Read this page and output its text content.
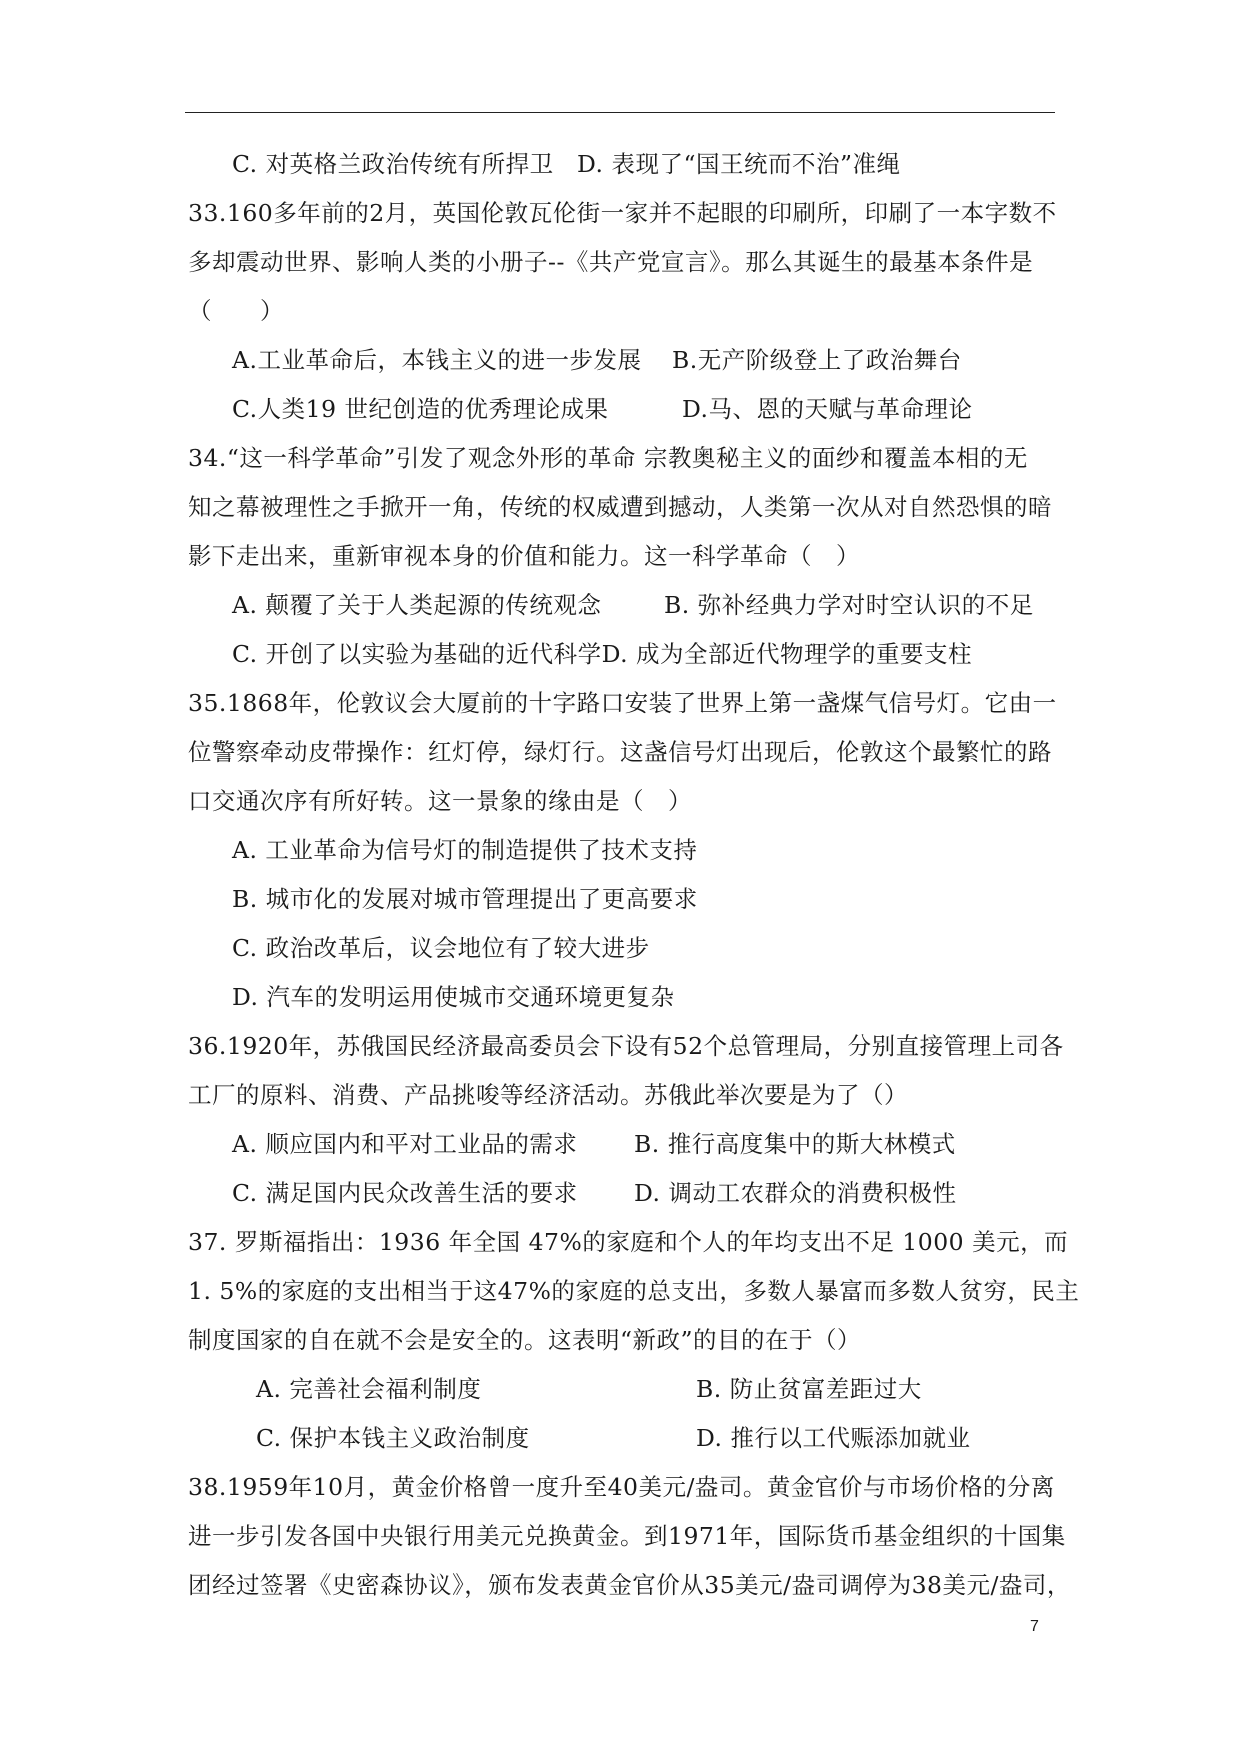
C. 对英格兰政治传统有所捍卫 D. 表现了“国王统而不治”准绳
33.160多年前的2月，英国伦敦瓦伦街一家并不起眼的印刷所，印刷了一本字数不
多却震动世界、影响人类的小册子--《共产党宣言》。那么其诞生的最基本条件是
（　　）
A.工业革命后，本钱主义的进一步发展 B.无产阶级登上了政治舞台
C.人类19 世纪创造的优秀理论成果	D.马、恩的天赋与革命理论
34.“这一科学革命”引发了观念外形的革命 宗教奥秘主义的面纱和覆盖本相的无
知之幕被理性之手掀开一角，传统的权威遭到撼动，人类第一次从对自然恐惧的暗
影下走出来，重新审视本身的价值和能力。这一科学革命（　）
A. 颠覆了关于人类起源的传统观念	B. 弥补经典力学对时空认识的不足
C. 开创了以实验为基础的近代科学D. 成为全部近代物理学的重要支柱
35.1868年，伦敦议会大厦前的十字路口安装了世界上第一盏煤气信号灯。它由一
位警察牵动皮带操作：红灯停，绿灯行。这盏信号灯出现后，伦敦这个最繁忙的路
口交通次序有所好转。这一景象的缘由是（　）
A. 工业革命为信号灯的制造提供了技术支持
B. 城市化的发展对城市管理提出了更高要求
C. 政治改革后，议会地位有了较大进步
D. 汽车的发明运用使城市交通环境更复杂
36.1920年，苏俄国民经济最高委员会下设有52个总管理局，分别直接管理上司各
工厂的原料、消费、产品挑唆等经济活动。苏俄此举次要是为了（）
A. 顺应国内和平对工业品的需求 B. 推行高度集中的斯大林模式
C. 满足国内民众改善生活的要求 D. 调动工农群众的消费积极性
37. 罗斯福指出：1936 年全国 47%的家庭和个人的年均支出不足 1000 美元，而
1. 5%的家庭的支出相当于这47%的家庭的总支出，多数人暴富而多数人贫穷，民主
制度国家的自在就不会是安全的。这表明“新政”的目的在于（）
A. 完善社会福利制度	B. 防止贫富差距过大
C. 保护本钱主义政治制度	D. 推行以工代赈添加就业
38.1959年10月，黄金价格曾一度升至40美元/盎司。黄金官价与市场价格的分离
进一步引发各国中央银行用美元兑换黄金。到1971年，国际货币基金组织的十国集
团经过签署《史密森协议》，颁布发表黄金官价从35美元/盎司调停为38美元/盎司，
7
